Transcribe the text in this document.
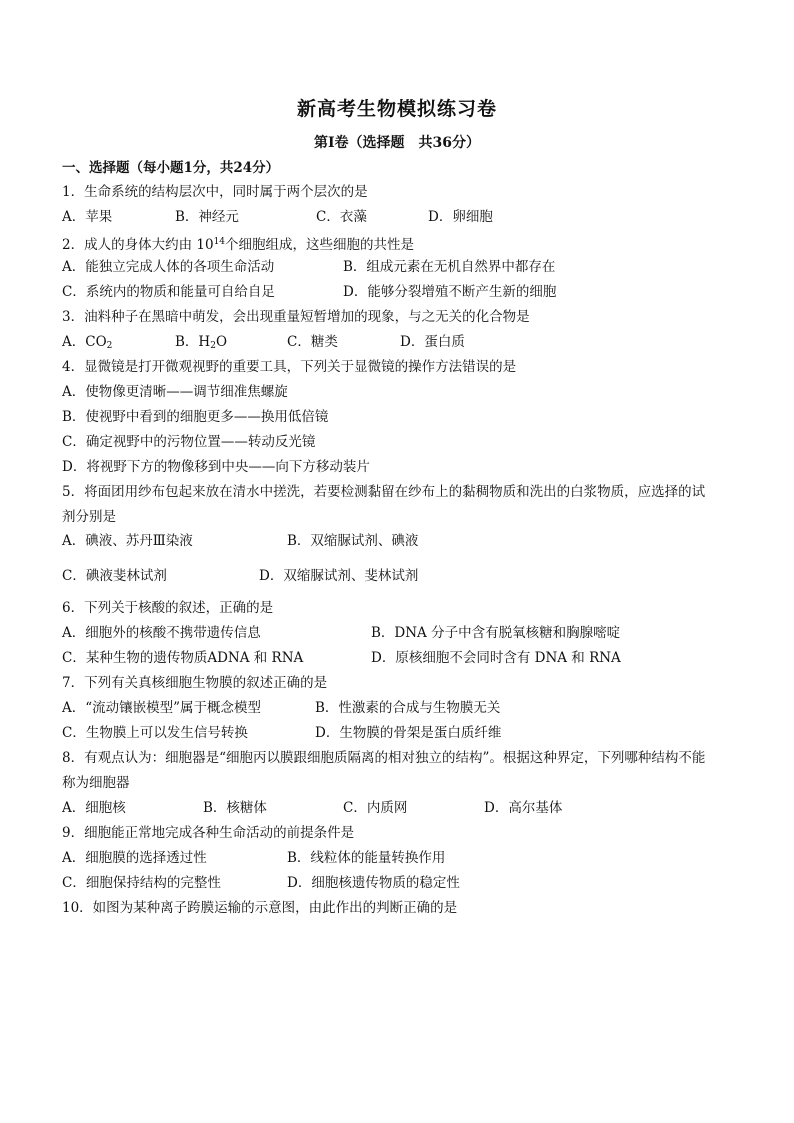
新高考生物模拟练习卷
第Ⅰ卷（选择题　共36分）
一、选择题（每小题1分，共24分）
1．生命系统的结构层次中，同时属于两个层次的是
A．苹果	B．神经元	C．衣藻	D．卵细胞
2．成人的身体大约由 $10^{14}$个细胞组成，这些细胞的共性是
A．能独立完成人体的各项生命活动	B．组成元素在无机自然界中都存在
C．系统内的物质和能量可自给自足	D．能够分裂增殖不断产生新的细胞
3．油料种子在黑暗中萌发，会出现重量短暂增加的现象，与之无关的化合物是
A．$CO_2$	B．$H_2O$	C．糖类	D．蛋白质
4．显微镜是打开微观视野的重要工具，下列关于显微镜的操作方法错误的是
A．使物像更清晰——调节细准焦螺旋
B．使视野中看到的细胞更多——换用低倍镜
C．确定视野中的污物位置——转动反光镜
D．将视野下方的物像移到中央——向下方移动装片
5．将面团用纱布包起来放在清水中搓洗，若要检测黏留在纱布上的黏稠物质和洗出的白浆物质，应选择的试
剂分别是
A．碘液、苏丹Ⅲ染液	B．双缩脲试剂、碘液
C．碘液斐林试剂	D．双缩脲试剂、斐林试剂
6．下列关于核酸的叙述，正确的是
A．细胞外的核酸不携带遗传信息	B．DNA 分子中含有脱氧核糖和胸腺嘧啶
C．某种生物的遗传物质ADNA 和 RNA	D．原核细胞不会同时含有 DNA 和 RNA
7．下列有关真核细胞生物膜的叙述正确的是
A．“流动镶嵌模型”属于概念模型	B．性激素的合成与生物膜无关
C．生物膜上可以发生信号转换	D．生物膜的骨架是蛋白质纤维
8．有观点认为：细胞器是“细胞丙以膜跟细胞质隔离的相对独立的结构”。根据这种界定，下列哪种结构不能
称为细胞器
A．细胞核	B．核糖体	C．内质网	D．高尔基体
9．细胞能正常地完成各种生命活动的前提条件是
A．细胞膜的选择透过性	B．线粒体的能量转换作用
C．细胞保持结构的完整性	D．细胞核遗传物质的稳定性
10．如图为某种离子跨膜运输的示意图，由此作出的判断正确的是
